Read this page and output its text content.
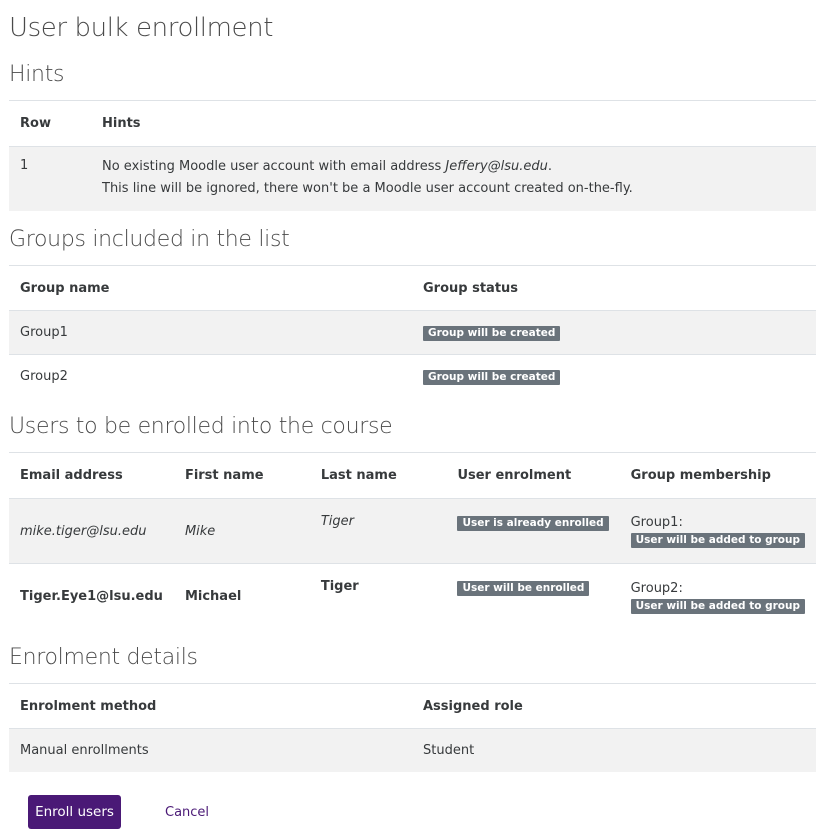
User bulk enrollment
Hints
Row	Hints
1	No existing Moodle user account with email address Jeffery@lsu.edu.
This line will be ignored, there won't be a Moodle user account created on-the-fly.
Groups included in the list
Group name	Group status
Group1	Group will be created
Group2	Group will be created
Users to be enrolled into the course
Email address	First name	Last name	User enrolment	Group membership
mike.tiger@lsu.edu	Mike	Tiger	User is already enrolled	Group1:
User will be added to group
Tiger.Eye1@lsu.edu	Michael	Tiger	User will be enrolled	Group2:
User will be added to group
Enrolment details
Enrolment method	Assigned role
Manual enrollments	Student
Enroll users	Cancel
